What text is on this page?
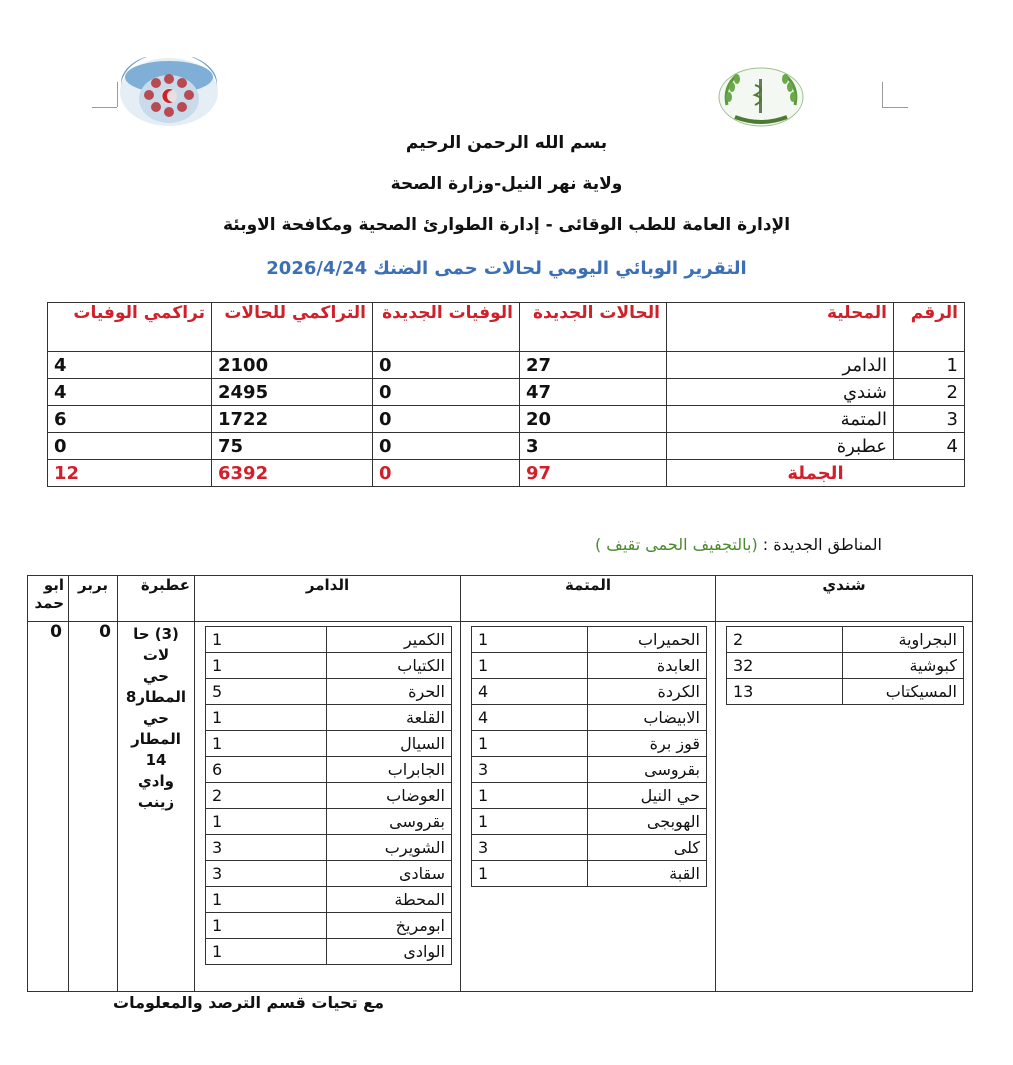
بسم الله الرحمن الرحيم
ولاية نهر النيل-وزارة الصحة
الإدارة العامة للطب الوقائى - إدارة الطوارئ الصحية ومكافحة الاوبئة
التقرير الوبائي اليومي لحالات حمى الضنك 2026/4/24
الرقم	المحلية	الحالات الجديدة	الوفيات الجديدة	التراكمي للحالات	تراكمي الوفيات
1	الدامر	27	0	2100	4
2	شندي	47	0	2495	4
3	المتمة	20	0	1722	6
4	عطبرة	3	0	75	0
الجملة		97	0	6392	12
المناطق الجديدة : (بالتجفيف الحمى تقيف )
شندي	المتمة	الدامر	عطبرة	بربر	ابو حمد

البجراوية	2
كبوشية	32
المسيكتاب	13

الحميراب	1
العابدة	1
الكردة	4
الابيضاب	4
قوز برة	1
بقروسى	3
حي النيل	1
الهوبجى	1
كلى	3
القبة	1

الكمير	1
الكتياب	1
الحرة	5
القلعة	1
السيال	1
الجابراب	6
العوضاب	2
بقروسى	1
الشويرب	3
سقادى	3
المحطة	1
ابومريخ	1
الوادى	1

(3) حا
لات
حي
المطار8
حي
المطار
14
وادي
زينب
	0	0
مع تحيات قسم الترصد والمعلومات
